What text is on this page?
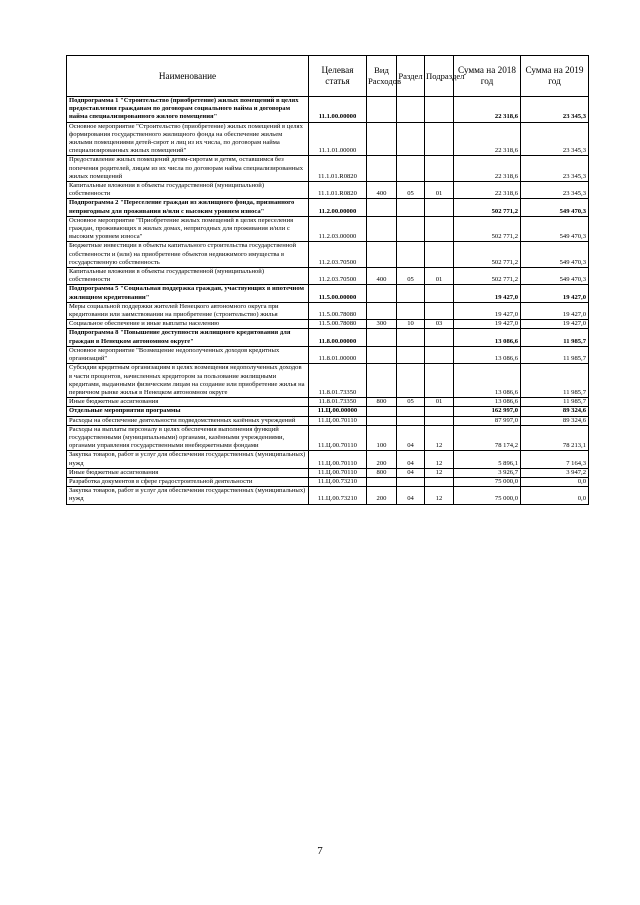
Наименование	Целевая статья	Вид Расходов	Раздел	Подраздел	Сумма на 2018 год	Сумма на 2019 год
Подпрограмма 1 "Строительство (приобретение) жилых помещений в целях предоставления гражданам по договорам социального найма и договорам найма специализированного жилого помещения"	11.1.00.00000				22 318,6	23 345,3
Основное мероприятие "Строительство (приобретение) жилых помещений в целях формирования государственного жилищного фонда на обеспечение жильем жилыми помещениями детей-сирот и лиц из их числа, по договорам найма специализированных жилых помещений"	11.1.01.00000				22 318,6	23 345,3
Предоставление жилых помещений детям-сиротам и детям, оставшимся без попечения родителей, лицам из их числа по договорам найма специализированных жилых помещений	11.1.01.R0820				22 318,6	23 345,3
Капитальные вложения в объекты государственной (муниципальной) собственности	11.1.01.R0820	400	05	01	22 318,6	23 345,3
Подпрограмма 2 "Переселение граждан из жилищного фонда, признанного непригодным для проживания и/или с высоким уровнем износа"	11.2.00.00000				502 771,2	549 470,3
Основное мероприятие "Приобретение жилых помещений в целях переселения граждан, проживающих в жилых домах, непригодных для проживания и/или с высоким уровнем износа"	11.2.03.00000				502 771,2	549 470,3
Бюджетные инвестиции в объекты капитального строительства государственной собственности и (или) на приобретение объектов недвижимого имущества в государственную собственность	11.2.03.70500				502 771,2	549 470,3
Капитальные вложения в объекты государственной (муниципальной) собственности	11.2.03.70500	400	05	01	502 771,2	549 470,3
Подпрограмма 5 "Социальная поддержка граждан, участвующих в ипотечном жилищном кредитовании"	11.5.00.00000				19 427,0	19 427,0
Меры социальной поддержки жителей Ненецкого автономного округа при кредитовании или заимствовании на приобретение (строительство) жилья	11.5.00.78080				19 427,0	19 427,0
Социальное обеспечение и иные выплаты населению	11.5.00.78080	300	10	03	19 427,0	19 427,0
Подпрограмма 8 "Повышение доступности жилищного кредитования для граждан в Ненецком автономном округе"	11.8.00.00000				13 086,6	11 985,7
Основное мероприятие "Возмещение недополученных доходов кредитных организаций"	11.8.01.00000				13 086,6	11 985,7
Субсидии кредитным организациям в целях возмещения недополученных доходов в части процентов, начисленных кредитором за пользование жилищными кредитами, выданными физическим лицам на создание или приобретение жилья на первичном рынке жилья в Ненецком автономном округе	11.8.01.73350				13 086,6	11 985,7
Иные бюджетные ассигнования	11.8.01.73350	800	05	01	13 086,6	11 985,7
Отдельные мероприятия программы	11.Ц.00.00000				162 997,0	89 324,6
Расходы на обеспечение деятельности подведомственных казённых учреждений	11.Ц.00.70110				87 997,0	89 324,6
Расходы на выплаты персоналу в целях обеспечения выполнения функций государственными (муниципальными) органами, казёнными учреждениями, органами управления государственными внебюджетными фондами	11.Ц.00.70110	100	04	12	78 174,2	78 213,1
Закупка товаров, работ и услуг для обеспечения государственных (муниципальных) нужд	11.Ц.00.70110	200	04	12	5 896,1	7 164,3
Иные бюджетные ассигнования	11.Ц.00.70110	800	04	12	3 926,7	3 947,2
Разработка документов в сфере градостроительной деятельности	11.Ц.00.73210				75 000,0	0,0
Закупка товаров, работ и услуг для обеспечения государственных (муниципальных) нужд	11.Ц.00.73210	200	04	12	75 000,0	0,0
7
